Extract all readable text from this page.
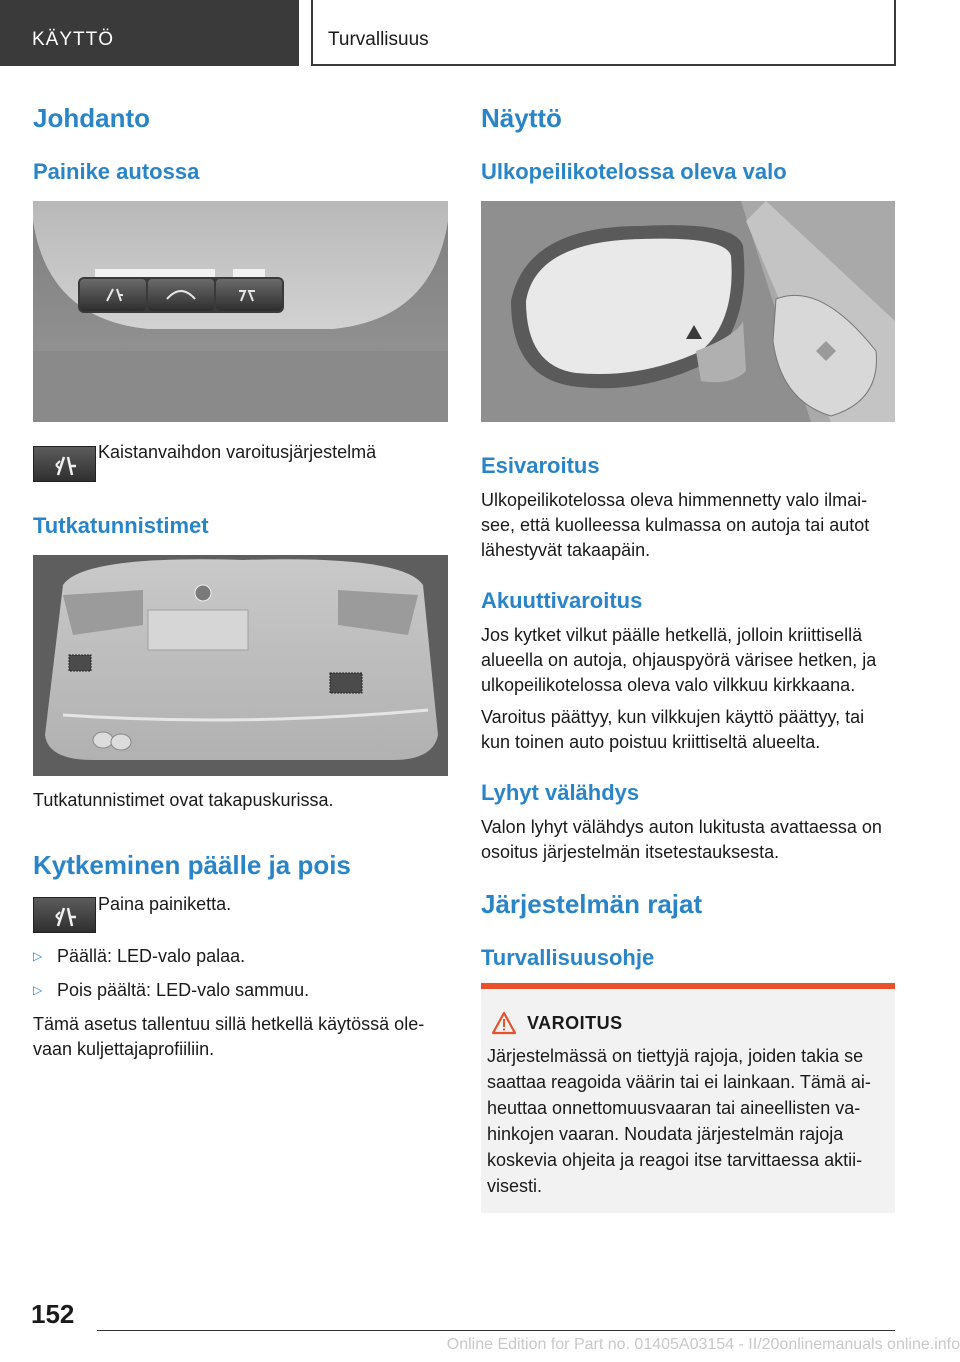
KÄYTTÖ	Turvallisuus
Johdanto
Painike autossa
Kaistanvaihdon varoitusjärjestelmä
Tutkatunnistimet
Tutkatunnistimet ovat takapuskurissa.
Kytkeminen päälle ja pois
Paina painiketta.
▷ Päällä: LED-valo palaa.
▷ Pois päältä: LED-valo sammuu.
Tämä asetus tallentuu sillä hetkellä käytössä ole-vaan kuljettajaprofiiliin.
Näyttö
Ulkopeilikotelossa oleva valo
Esivaroitus
Ulkopeilikotelossa oleva himmennetty valo ilmai-see, että kuolleessa kulmassa on autoja tai autot lähestyvät takaapäin.
Akuuttivaroitus
Jos kytket vilkut päälle hetkellä, jolloin kriittisellä alueella on autoja, ohjauspyörä värisee hetken, ja ulkopeilikotelossa oleva valo vilkkuu kirkkaana.
Varoitus päättyy, kun vilkkujen käyttö päättyy, tai kun toinen auto poistuu kriittiseltä alueelta.
Lyhyt välähdys
Valon lyhyt välähdys auton lukitusta avattaessa on osoitus järjestelmän itsetestauksesta.
Järjestelmän rajat
Turvallisuusohje
VAROITUS
Järjestelmässä on tiettyjä rajoja, joiden takia se saattaa reagoida väärin tai ei lainkaan. Tämä ai-heuttaa onnettomuusvaaran tai aineellisten va-hinkojen vaaran. Noudata järjestelmän rajoja koskevia ohjeita ja reagoi itse tarvittaessa aktii-visesti.
152
Online Edition for Part no. 01405A03154 - II/20onlinemanuals online.info
